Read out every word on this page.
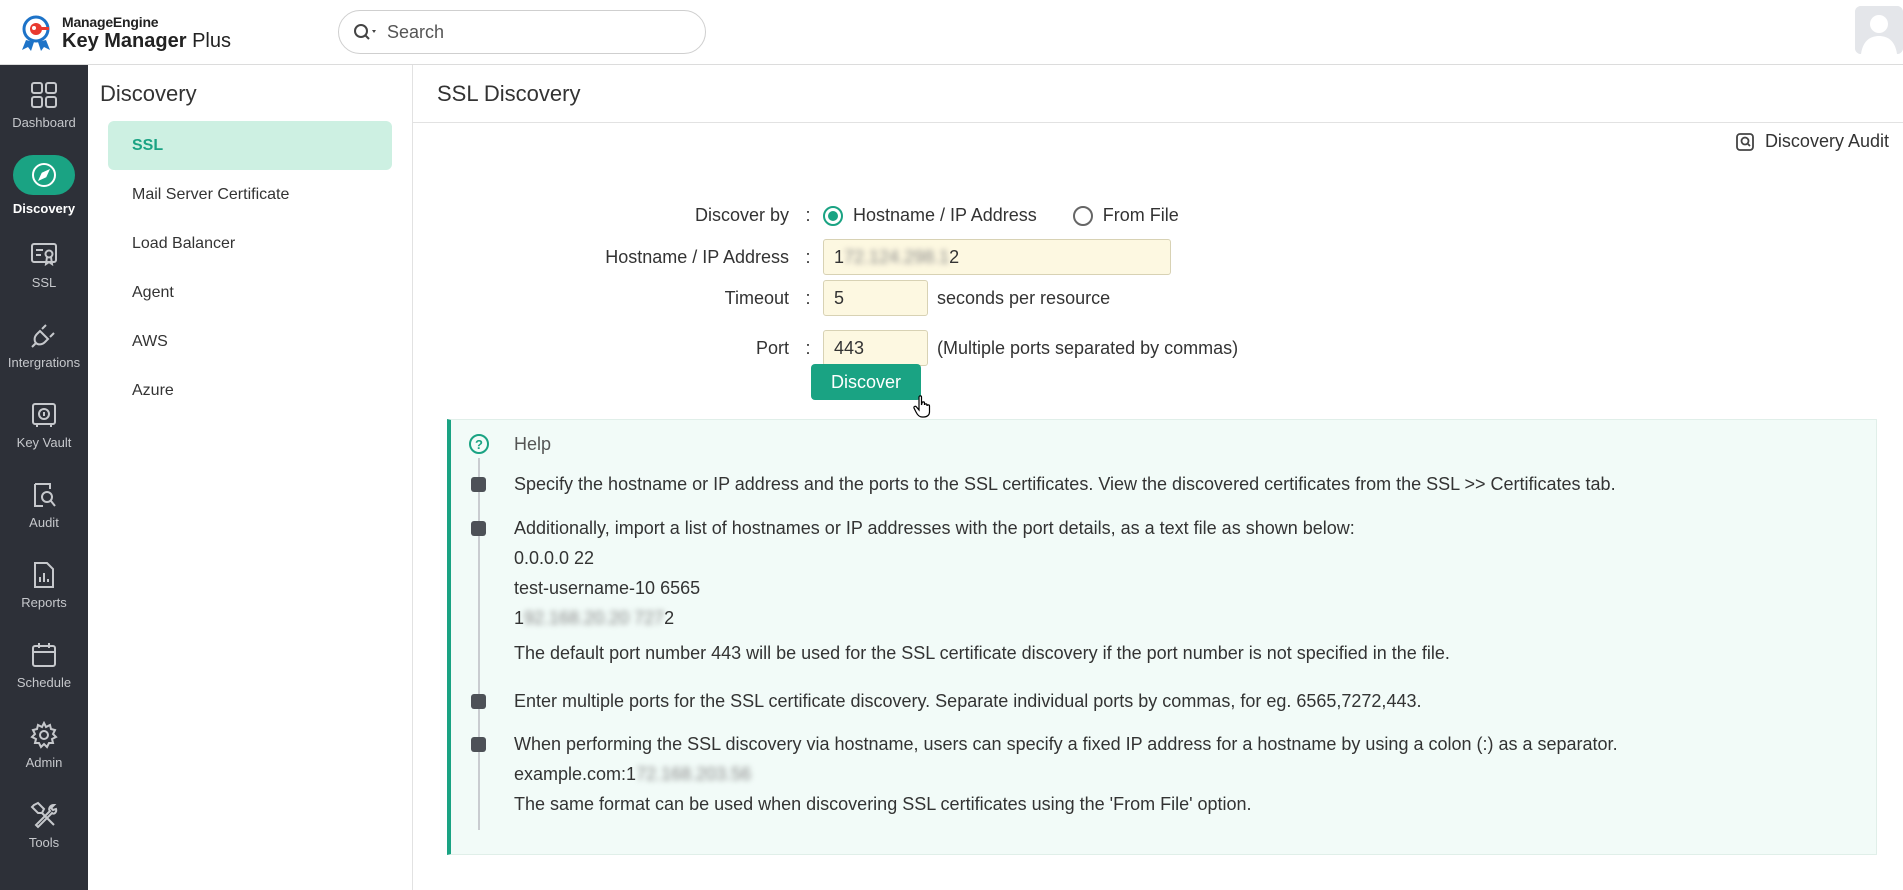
ManageEngine
Key Manager Plus
Search
Dashboard
Discovery
SSL
Intergrations
Key Vault
Audit
Reports
Schedule
Admin
Tools
Discovery
SSL
Mail Server Certificate
Load Balancer
Agent
AWS
Azure
SSL Discovery
Discovery Audit
Discover by :	Hostname / IP Address	From File
Hostname / IP Address :	1 72.124.298.1 2
Timeout :
5	seconds per resource
Port :
443	(Multiple ports separated by commas)
Discover
?	Help
Specify the hostname or IP address and the ports to the SSL certificates. View the discovered certificates from the SSL >> Certificates tab.
Additionally, import a list of hostnames or IP addresses with the port details, as a text file as shown below:
0.0.0.0 22
test-username-10 6565
192.168.20.20 7272
The default port number 443 will be used for the SSL certificate discovery if the port number is not specified in the file.
Enter multiple ports for the SSL certificate discovery. Separate individual ports by commas, for eg. 6565,7272,443.
When performing the SSL discovery via hostname, users can specify a fixed IP address for a hostname by using a colon (:) as a separator.
example.com:172.168.203.56
The same format can be used when discovering SSL certificates using the 'From File' option.
